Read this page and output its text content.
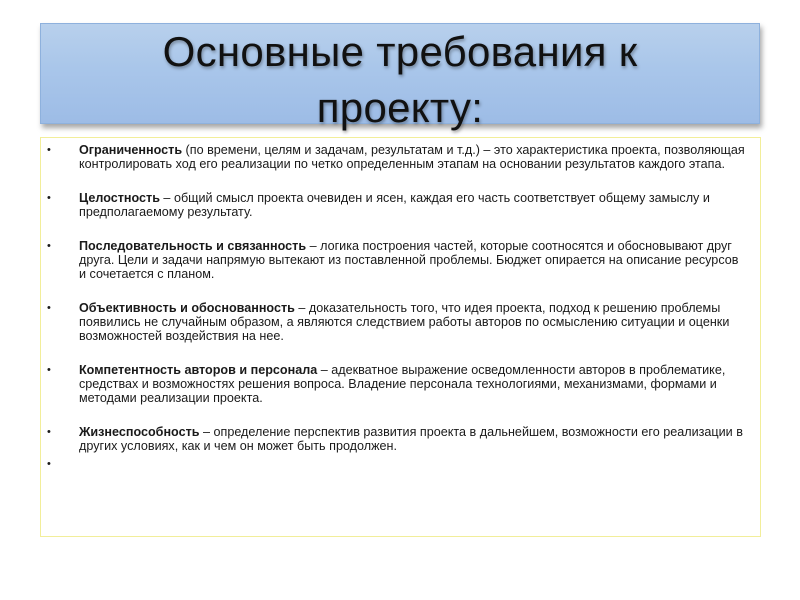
Основные требования к
проекту:
• Ограниченность (по времени, целям и задачам, результатам и т.д.) – это характеристика проекта, позволяющая контролировать ход его реализации по четко определенным этапам на основании результатов каждого этапа.
• Целостность – общий смысл проекта очевиден и ясен, каждая его часть соответствует общему замыслу и предполагаемому результату.
• Последовательность и связанность – логика построения частей, которые соотносятся и обосновывают друг друга. Цели и задачи напрямую вытекают из поставленной проблемы. Бюджет опирается на описание ресурсов и сочетается с планом.
• Объективность и обоснованность – доказательность того, что идея проекта, подход к решению проблемы появились не случайным образом, а являются следствием работы авторов по осмыслению ситуации и оценки возможностей воздействия на нее.
• Компетентность авторов и персонала – адекватное выражение осведомленности авторов в проблематике, средствах и возможностях решения вопроса. Владение персонала технологиями, механизмами, формами и методами реализации проекта.
• Жизнеспособность – определение перспектив развития проекта в дальнейшем, возможности его реализации в других условиях, как и чем он может быть продолжен.
•
